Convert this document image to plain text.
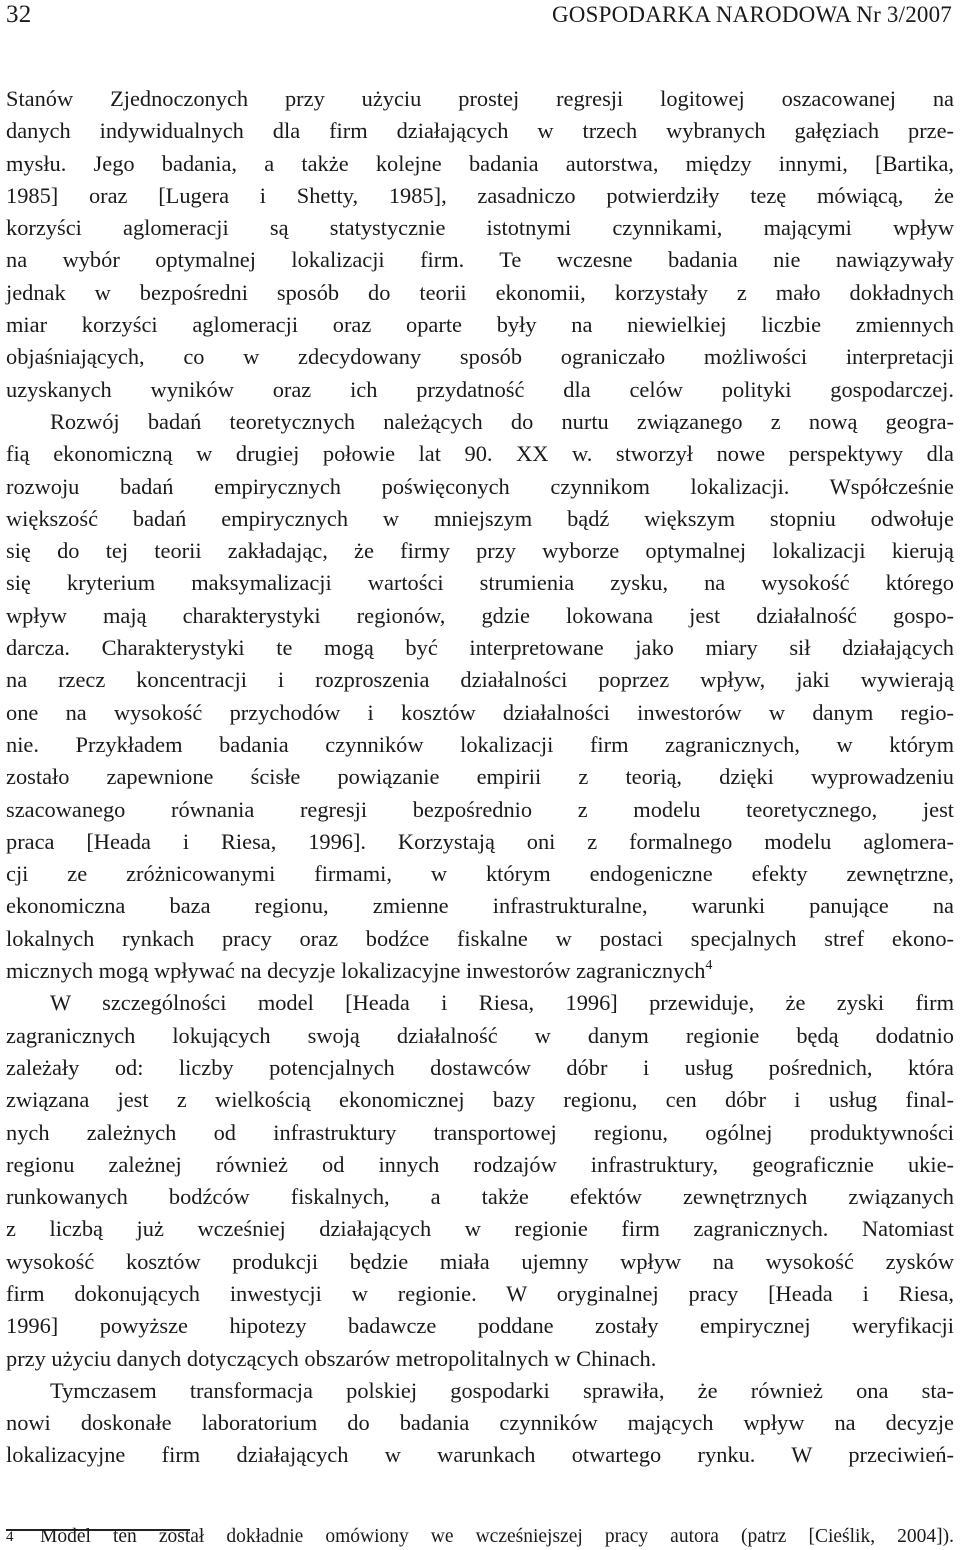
32	GOSPODARKA NARODOWA Nr 3/2007
Stanów Zjednoczonych przy użyciu prostej regresji logitowej oszacowanej na
danych indywidualnych dla firm działających w trzech wybranych gałęziach prze-
mysłu. Jego badania, a także kolejne badania autorstwa, między innymi, [Bartika,
1985] oraz [Lugera i Shetty, 1985], zasadniczo potwierdziły tezę mówiącą, że
korzyści aglomeracji są statystycznie istotnymi czynnikami, mającymi wpływ
na wybór optymalnej lokalizacji firm. Te wczesne badania nie nawiązywały
jednak w bezpośredni sposób do teorii ekonomii, korzystały z mało dokładnych
miar korzyści aglomeracji oraz oparte były na niewielkiej liczbie zmiennych
objaśniających, co w zdecydowany sposób ograniczało możliwości interpretacji
uzyskanych wyników oraz ich przydatność dla celów polityki gospodarczej.
Rozwój badań teoretycznych należących do nurtu związanego z nową geogra-
fią ekonomiczną w drugiej połowie lat 90. XX w. stworzył nowe perspektywy dla
rozwoju badań empirycznych poświęconych czynnikom lokalizacji. Współcześnie
większość badań empirycznych w mniejszym bądź większym stopniu odwołuje
się do tej teorii zakładając, że firmy przy wyborze optymalnej lokalizacji kierują
się kryterium maksymalizacji wartości strumienia zysku, na wysokość którego
wpływ mają charakterystyki regionów, gdzie lokowana jest działalność gospo-
darcza. Charakterystyki te mogą być interpretowane jako miary sił działających
na rzecz koncentracji i rozproszenia działalności poprzez wpływ, jaki wywierają
one na wysokość przychodów i kosztów działalności inwestorów w danym regio-
nie. Przykładem badania czynników lokalizacji firm zagranicznych, w którym
zostało zapewnione ścisłe powiązanie empirii z teorią, dzięki wyprowadzeniu
szacowanego równania regresji bezpośrednio z modelu teoretycznego, jest
praca [Heada i Riesa, 1996]. Korzystają oni z formalnego modelu aglomera-
cji ze zróżnicowanymi firmami, w którym endogeniczne efekty zewnętrzne,
ekonomiczna baza regionu, zmienne infrastrukturalne, warunki panujące na
lokalnych rynkach pracy oraz bodźce fiskalne w postaci specjalnych stref ekono-
micznych mogą wpływać na decyzje lokalizacyjne inwestorów zagranicznych$^4$
W szczególności model [Heada i Riesa, 1996] przewiduje, że zyski firm
zagranicznych lokujących swoją działalność w danym regionie będą dodatnio
zależały od: liczby potencjalnych dostawców dóbr i usług pośrednich, która
związana jest z wielkością ekonomicznej bazy regionu, cen dóbr i usług final-
nych zależnych od infrastruktury transportowej regionu, ogólnej produktywności
regionu zależnej również od innych rodzajów infrastruktury, geograficznie ukie-
runkowanych bodźców fiskalnych, a także efektów zewnętrznych związanych
z liczbą już wcześniej działających w regionie firm zagranicznych. Natomiast
wysokość kosztów produkcji będzie miała ujemny wpływ na wysokość zysków
firm dokonujących inwestycji w regionie. W oryginalnej pracy [Heada i Riesa,
1996] powyższe hipotezy badawcze poddane zostały empirycznej weryfikacji
przy użyciu danych dotyczących obszarów metropolitalnych w Chinach.
Tymczasem transformacja polskiej gospodarki sprawiła, że również ona sta-
nowi doskonałe laboratorium do badania czynników mających wpływ na decyzje
lokalizacyjne firm działających w warunkach otwartego rynku. W przeciwień-
4	Model ten został dokładnie omówiony we wcześniejszej pracy autora (patrz [Cieślik, 2004]).
